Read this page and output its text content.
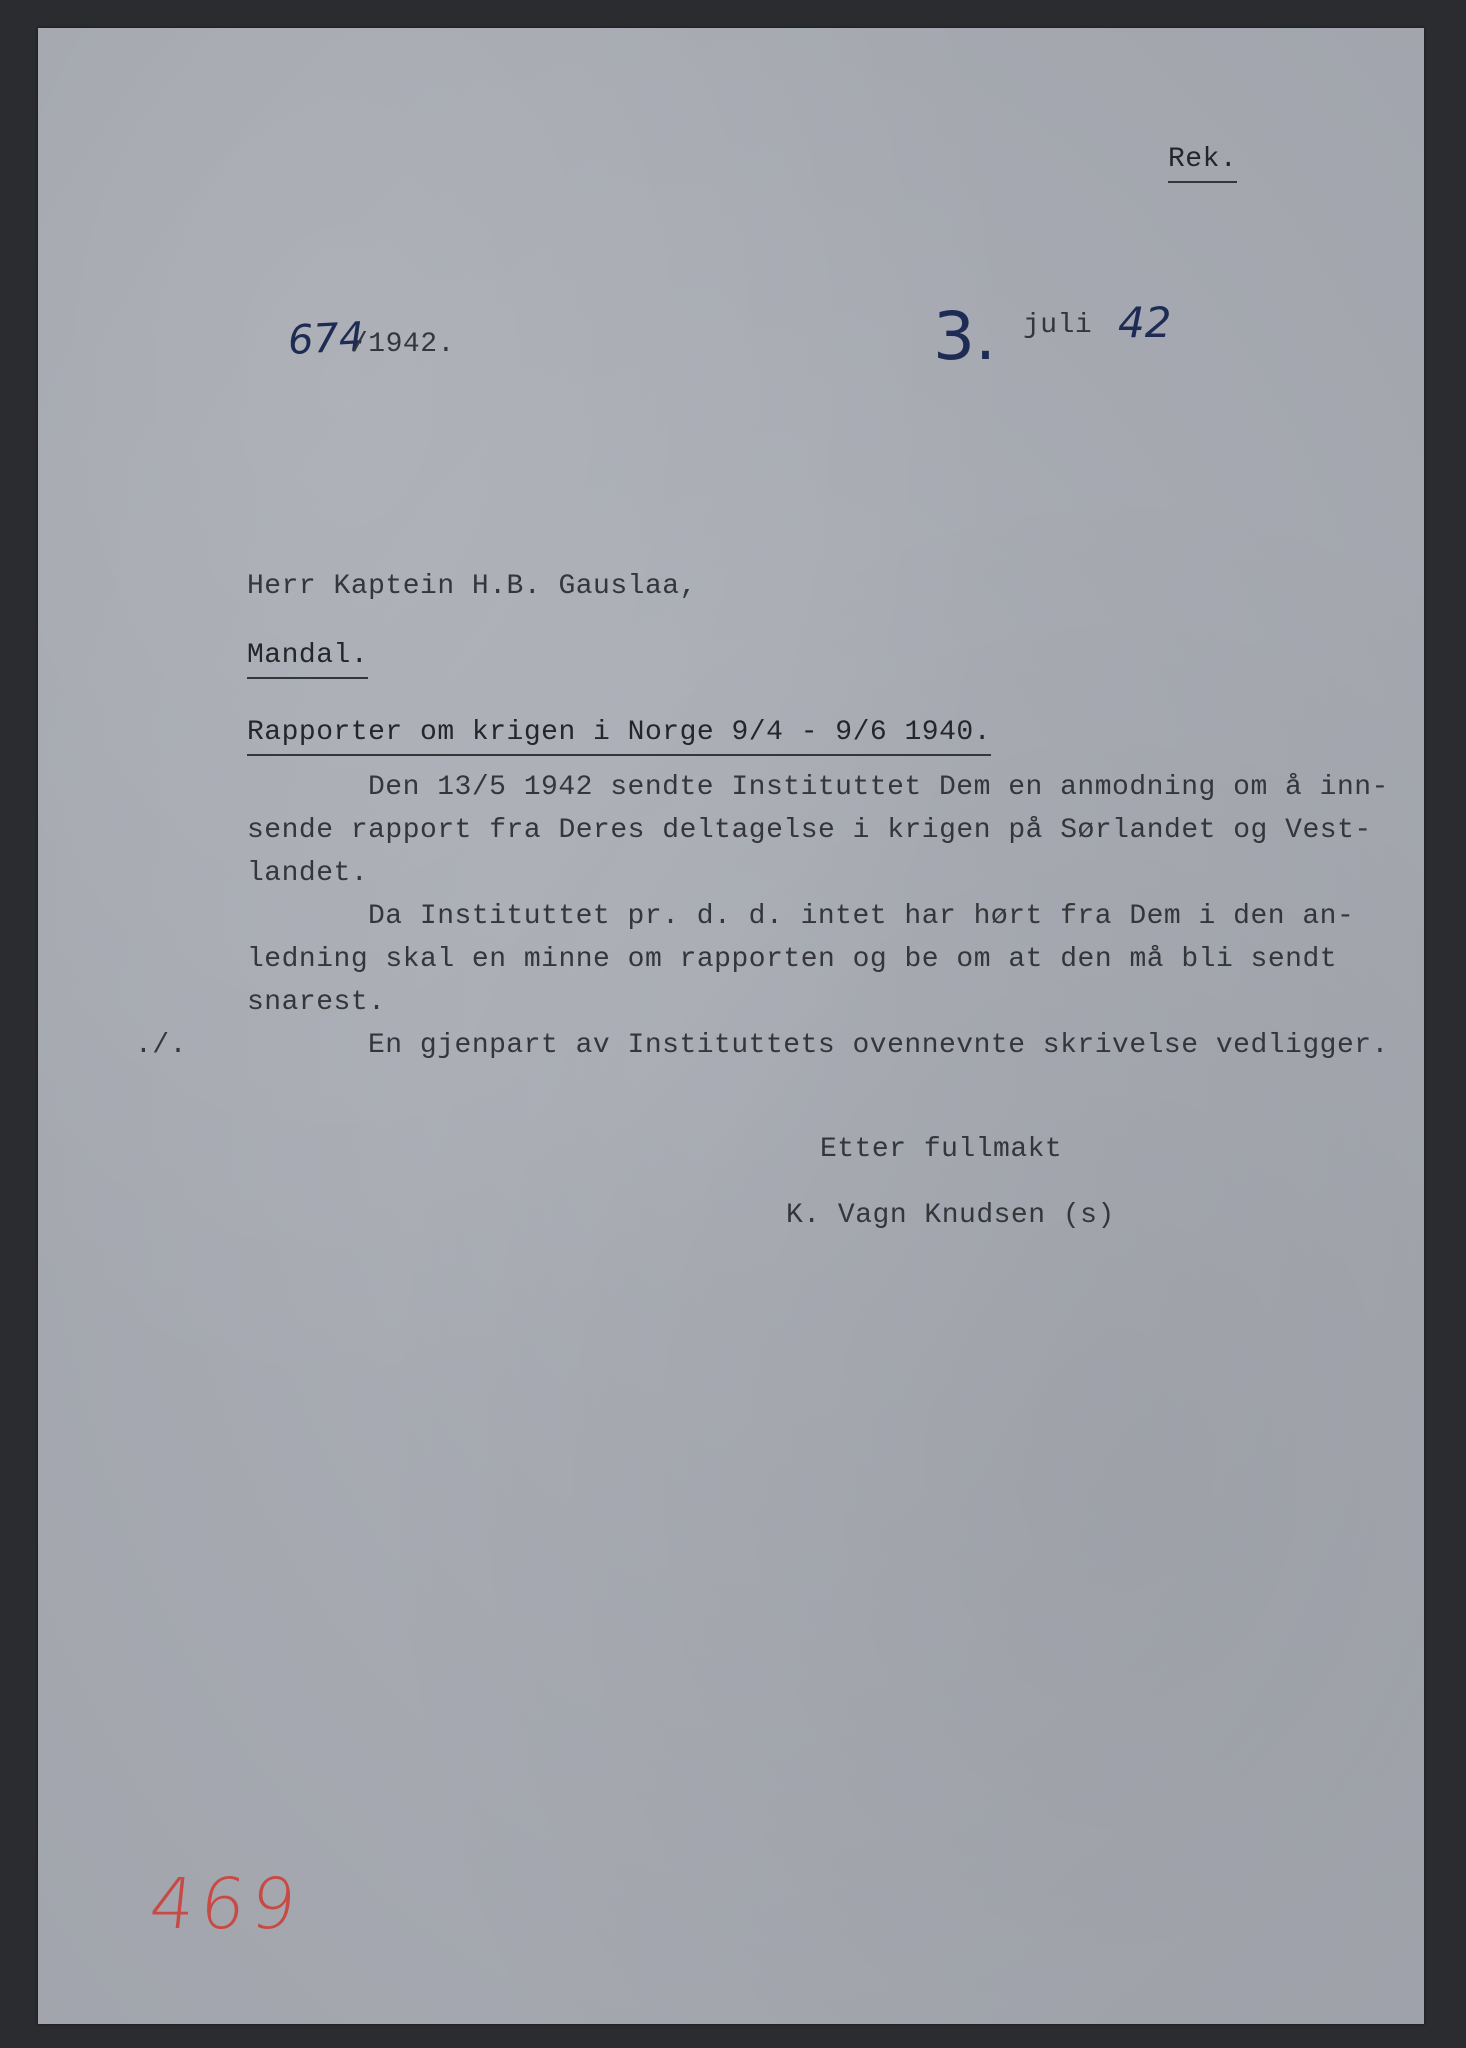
Rek.
674
/1942.	3. juli 42
Herr Kaptein H.B. Gauslaa,
Mandal.
Rapporter om krigen i Norge 9/4 - 9/6 1940.
Den 13/5 1942 sendte Instituttet Dem en anmodning om å inn-
sende rapport fra Deres deltagelse i krigen på Sørlandet og Vest-
landet.
Da Instituttet pr. d. d. intet har hørt fra Dem i den an-
ledning skal en minne om rapporten og be om at den må bli sendt
snarest.
./.	En gjenpart av Instituttets ovennevnte skrivelse vedligger.
Etter fullmakt
K. Vagn Knudsen (s)
469
